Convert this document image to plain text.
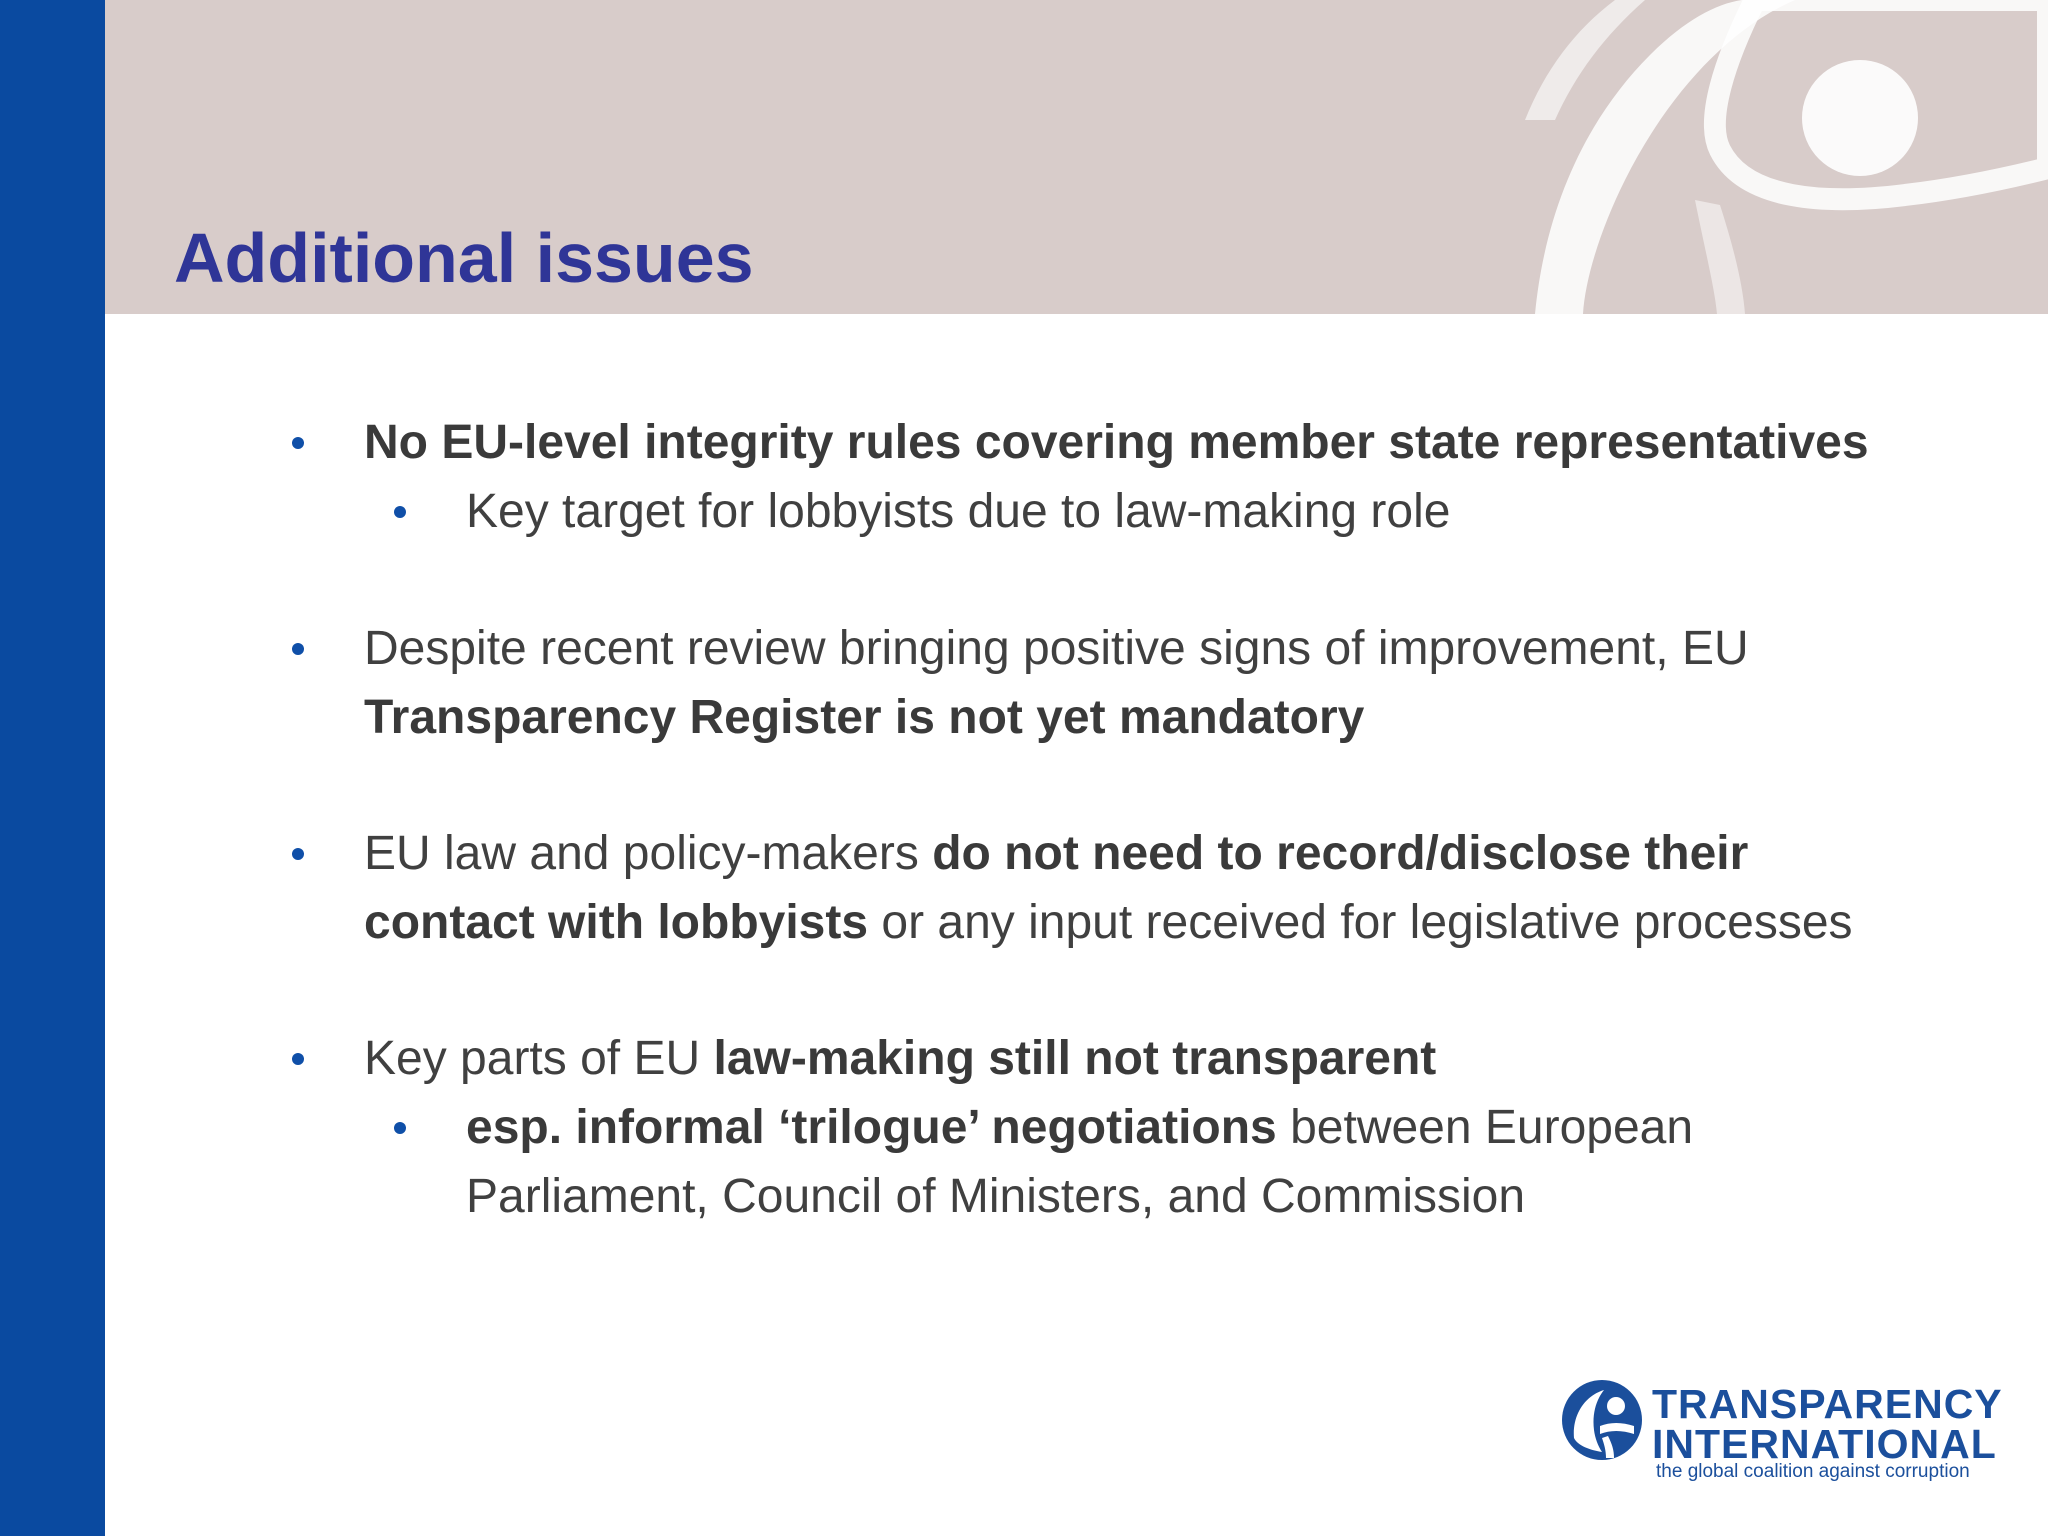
Additional issues
No EU-level integrity rules covering member state representatives
Key target for lobbyists due to law-making role
Despite recent review bringing positive signs of improvement, EU
Transparency Register is not yet mandatory
EU law and policy-makers do not need to record/disclose their
contact with lobbyists or any input received for legislative processes
Key parts of EU law-making still not transparent
esp. informal ‘trilogue’ negotiations between European
Parliament, Council of Ministers, and Commission
TRANSPARENCY
INTERNATIONAL
the global coalition against corruption
